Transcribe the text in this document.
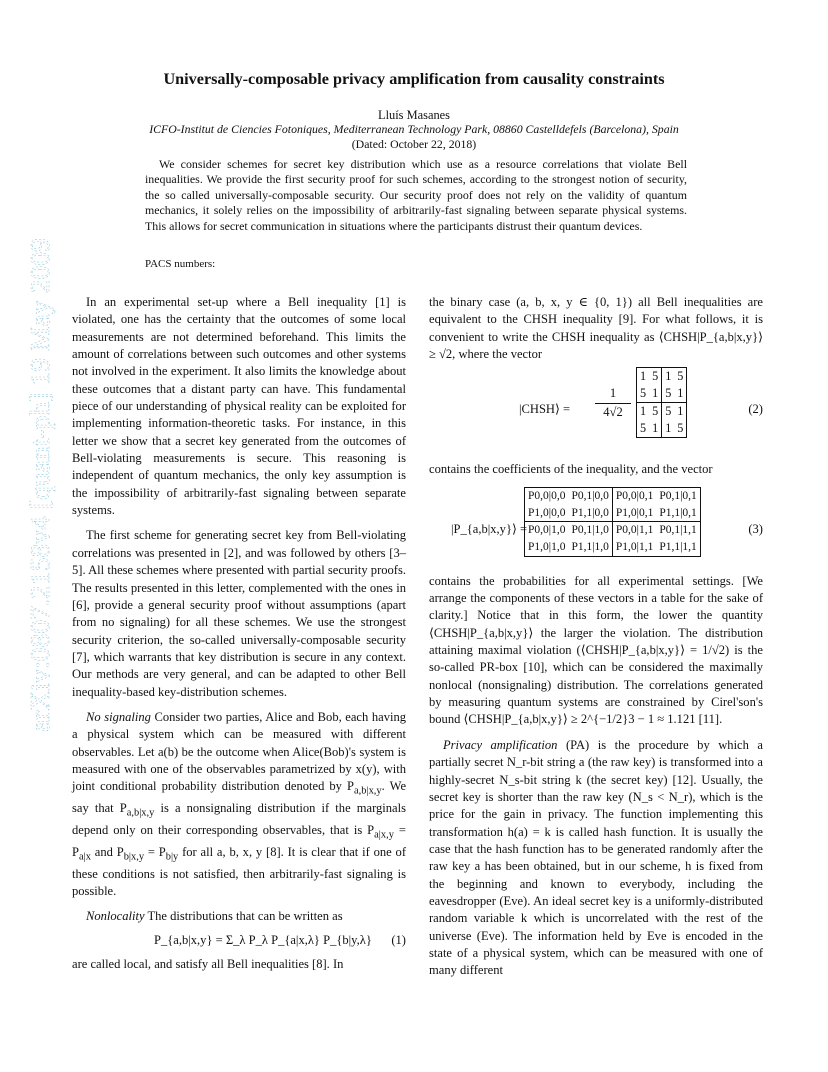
arXiv:0807.2158v4 [quant-ph] 19 May 2009
Universally-composable privacy amplification from causality constraints
Lluís Masanes
ICFO-Institut de Ciencies Fotoniques, Mediterranean Technology Park, 08860 Castelldefels (Barcelona), Spain
(Dated: October 22, 2018)

We consider schemes for secret key distribution which use as a resource correlations that violate Bell inequalities. We provide the first security proof for such schemes, according to the strongest notion of security, the so called universally-composable security. Our security proof does not rely on the validity of quantum mechanics, it solely relies on the impossibility of arbitrarily-fast signaling between separate physical systems. This allows for secret communication in situations where the participants distrust their quantum devices.

PACS numbers:

In an experimental set-up where a Bell inequality [1] is violated, one has the certainty that the outcomes of some local measurements are not determined beforehand. This limits the amount of correlations between such outcomes and other systems not involved in the experiment. It also limits the knowledge about these outcomes that a distant party can have. This fundamental piece of our understanding of physical reality can be exploited for implementing information-theoretic tasks. For instance, in this letter we show that a secret key generated from the outcomes of Bell-violating measurements is secure. This reasoning is independent of quantum mechanics, the only key assumption is the impossibility of arbitrarily-fast signaling between separate systems.

The first scheme for generating secret key from Bell-violating correlations was presented in [2], and was followed by others [3–5]. All these schemes where presented with partial security proofs. The results presented in this letter, complemented with the ones in [6], provide a general security proof without assumptions (apart from no signaling) for all these schemes. We use the strongest security criterion, the so-called universally-composable security [7], which warrants that key distribution is secure in any context. Our methods are very general, and can be adapted to other Bell inequality-based key-distribution schemes.

No signaling Consider two parties, Alice and Bob, each having a physical system which can be measured with different observables. Let a(b) be the outcome when Alice(Bob)'s system is measured with one of the observables parametrized by x(y), with joint conditional probability distribution denoted by $P_{a,b|x,y}$. We say that $P_{a,b|x,y}$ is a nonsignaling distribution if the marginals depend only on their corresponding observables, that is $P_{a|x,y} = P_{a|x}$ and $P_{b|x,y} = P_{b|y}$ for all a, b, x, y [8]. It is clear that if one of these conditions is not satisfied, then arbitrarily-fast signaling is possible.

Nonlocality The distributions that can be written as

P_{a,b|x,y} = Σ_λ P_λ P_{a|x,λ} P_{b|y,λ} (1)

are called local, and satisfy all Bell inequalities [8]. In

the binary case (a, b, x, y ∈ {0, 1}) all Bell inequalities are equivalent to the CHSH inequality [9]. For what follows, it is convenient to write the CHSH inequality as ⟨CHSH|P_{a,b|x,y}⟩ ≥ √2, where the vector

|CHSH⟩ = $\frac{1}{4√2}$
1	5	1	5
5	1	5	1
1	5	5	1
5	1	1	5
(2)

contains the coefficients of the inequality, and the vector

|P_{a,b|x,y}⟩ =
P0,0|0,0	P0,1|0,0	P0,0|0,1	P0,1|0,1
P1,0|0,0	P1,1|0,0	P1,0|0,1	P1,1|0,1
P0,0|1,0	P0,1|1,0	P0,0|1,1	P0,1|1,1
P1,0|1,0	P1,1|1,0	P1,0|1,1	P1,1|1,1
(3)

contains the probabilities for all experimental settings. [We arrange the components of these vectors in a table for the sake of clarity.] Notice that in this form, the lower the quantity ⟨CHSH|P_{a,b|x,y}⟩ the larger the violation. The distribution attaining maximal violation (⟨CHSH|P_{a,b|x,y}⟩ = 1/√2) is the so-called PR-box [10], which can be considered the maximally nonlocal (nonsignaling) distribution. The correlations generated by measuring quantum systems are constrained by Cirel'son's bound ⟨CHSH|P_{a,b|x,y}⟩ ≥ 2^{−1/2}3 − 1 ≈ 1.121 [11].

Privacy amplification (PA) is the procedure by which a partially secret N_r-bit string a (the raw key) is transformed into a highly-secret N_s-bit string k (the secret key) [12]. Usually, the secret key is shorter than the raw key (N_s < N_r), which is the price for the gain in privacy. The function implementing this transformation h(a) = k is called hash function. It is usually the case that the hash function has to be generated randomly after the raw key a has been obtained, but in our scheme, h is fixed from the beginning and known to everybody, including the eavesdropper (Eve). An ideal secret key is a uniformly-distributed random variable k which is uncorrelated with the rest of the universe (Eve). The information held by Eve is encoded in the state of a physical system, which can be measured with one of many different
